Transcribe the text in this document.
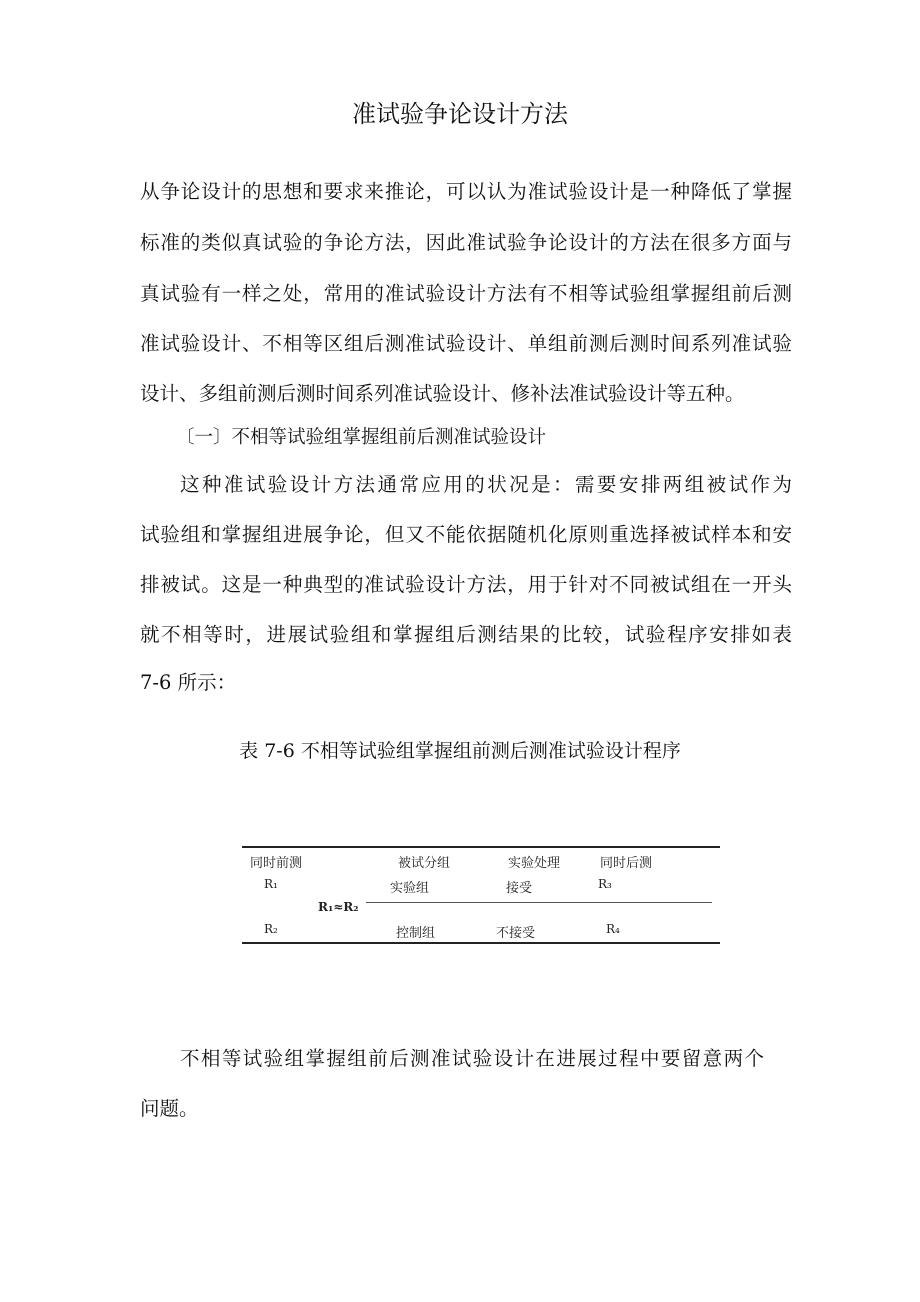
准试验争论设计方法
从争论设计的思想和要求来推论，可以认为准试验设计是一种降低了掌握
标准的类似真试验的争论方法，因此准试验争论设计的方法在很多方面与
真试验有一样之处，常用的准试验设计方法有不相等试验组掌握组前后测
准试验设计、不相等区组后测准试验设计、单组前测后测时间系列准试验
设计、多组前测后测时间系列准试验设计、修补法准试验设计等五种。
〔一〕不相等试验组掌握组前后测准试验设计
这种准试验设计方法通常应用的状况是：需要安排两组被试作为
试验组和掌握组进展争论，但又不能依据随机化原则重选择被试样本和安
排被试。这是一种典型的准试验设计方法，用于针对不同被试组在一开头
就不相等时，进展试验组和掌握组后测结果的比较，试验程序安排如表
7-6 所示：
表 7-6 不相等试验组掌握组前测后测准试验设计程序
同时前测	被试分组	实验处理	同时后测
R₁	实验组	接受	R₃
R₁≈R₂
R₂	控制组	不接受	R₄
不相等试验组掌握组前后测准试验设计在进展过程中要留意两个
问题。
